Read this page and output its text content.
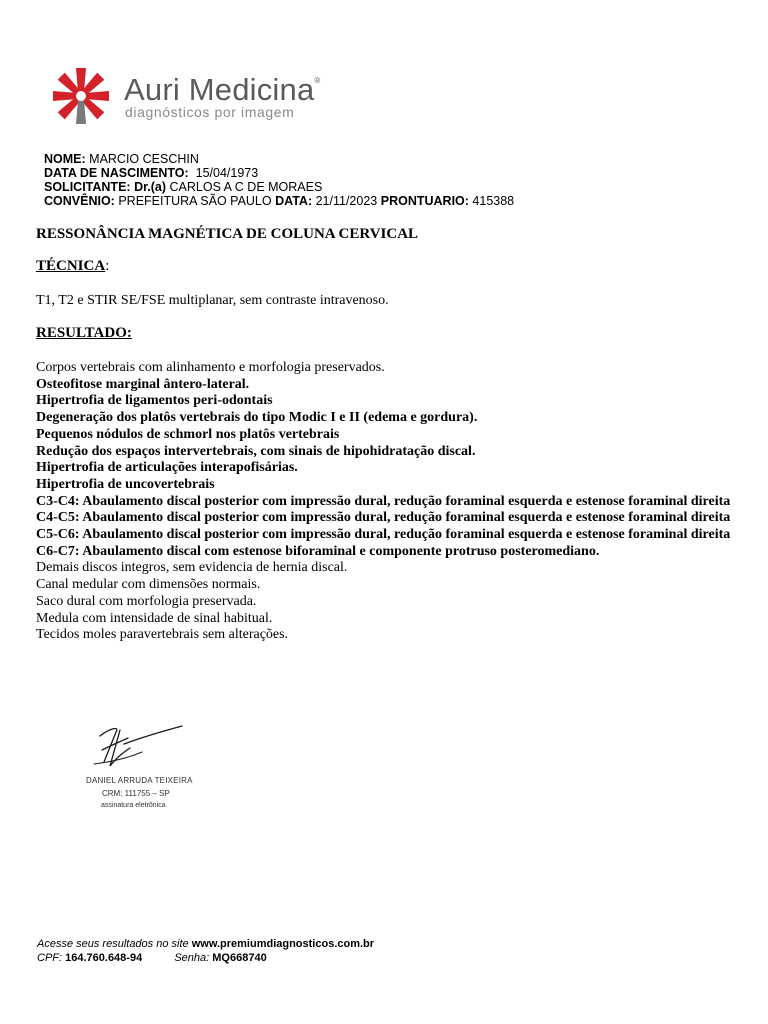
Auri Medicina®
diagnósticos por imagem
NOME: MARCIO CESCHIN
DATA DE NASCIMENTO: 15/04/1973
SOLICITANTE: Dr.(a) CARLOS A C DE MORAES
CONVÊNIO: PREFEITURA SÃO PAULO DATA: 21/11/2023 PRONTUARIO: 415388
RESSONÂNCIA MAGNÉTICA DE COLUNA CERVICAL
TÉCNICA:
T1, T2 e STIR SE/FSE multiplanar, sem contraste intravenoso.
RESULTADO:
Corpos vertebrais com alinhamento e morfologia preservados.
Osteofitose marginal ântero-lateral.
Hipertrofia de ligamentos peri-odontais
Degeneração dos platôs vertebrais do tipo Modic I e II (edema e gordura).
Pequenos nódulos de schmorl nos platôs vertebrais
Redução dos espaços intervertebrais, com sinais de hipohidratação discal.
Hipertrofia de articulações interapofisárias.
Hipertrofia de uncovertebrais
C3-C4: Abaulamento discal posterior com impressão dural, redução foraminal esquerda e estenose foraminal direita
C4-C5: Abaulamento discal posterior com impressão dural, redução foraminal esquerda e estenose foraminal direita
C5-C6: Abaulamento discal posterior com impressão dural, redução foraminal esquerda e estenose foraminal direita
C6-C7: Abaulamento discal com estenose biforaminal e componente protruso posteromediano.
Demais discos integros, sem evidencia de hernia discal.
Canal medular com dimensões normais.
Saco dural com morfologia preservada.
Medula com intensidade de sinal habitual.
Tecidos moles paravertebrais sem alterações.
DANIEL ARRUDA TEIXEIRA
CRM: 111755 – SP
assinatura eletrônica
Acesse seus resultados no site www.premiumdiagnosticos.com.br
CPF: 164.760.648-94	Senha: MQ668740
